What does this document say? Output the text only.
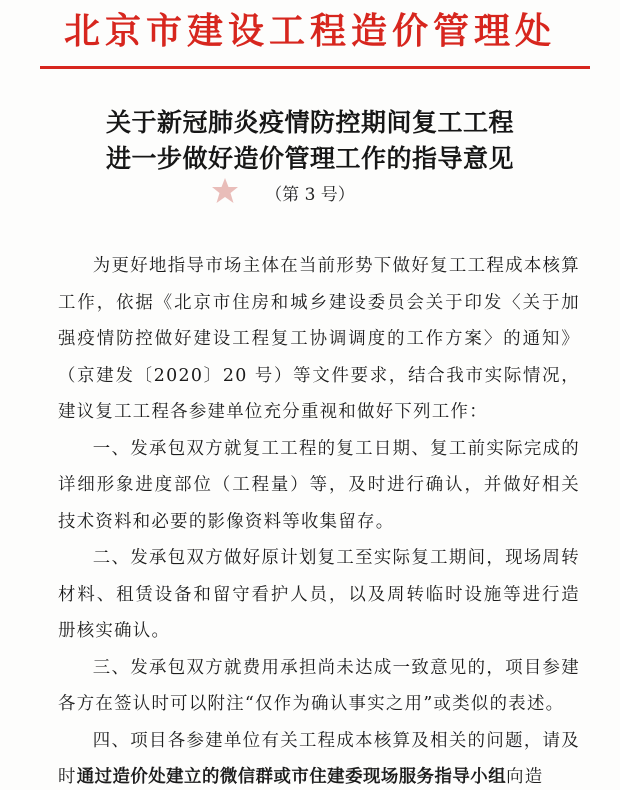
北京市建设工程造价管理处
关于新冠肺炎疫情防控期间复工工程
进一步做好造价管理工作的指导意见
（第 3 号）

为更好地指导市场主体在当前形势下做好复工工程成本核算工作，依据《北京市住房和城乡建设委员会关于印发〈关于加强疫情防控做好建设工程复工协调调度的工作方案〉的通知》（京建发〔2020〕20 号）等文件要求，结合我市实际情况，建议复工工程各参建单位充分重视和做好下列工作：

一、发承包双方就复工工程的复工日期、复工前实际完成的详细形象进度部位（工程量）等，及时进行确认，并做好相关技术资料和必要的影像资料等收集留存。

二、发承包双方做好原计划复工至实际复工期间，现场周转材料、租赁设备和留守看护人员，以及周转临时设施等进行造册核实确认。

三、发承包双方就费用承担尚未达成一致意见的，项目参建各方在签认时可以附注“仅作为确认事实之用”或类似的表述。

四、项目各参建单位有关工程成本核算及相关的问题，请及时通过造价处建立的微信群或市住建委现场服务指导小组向造
